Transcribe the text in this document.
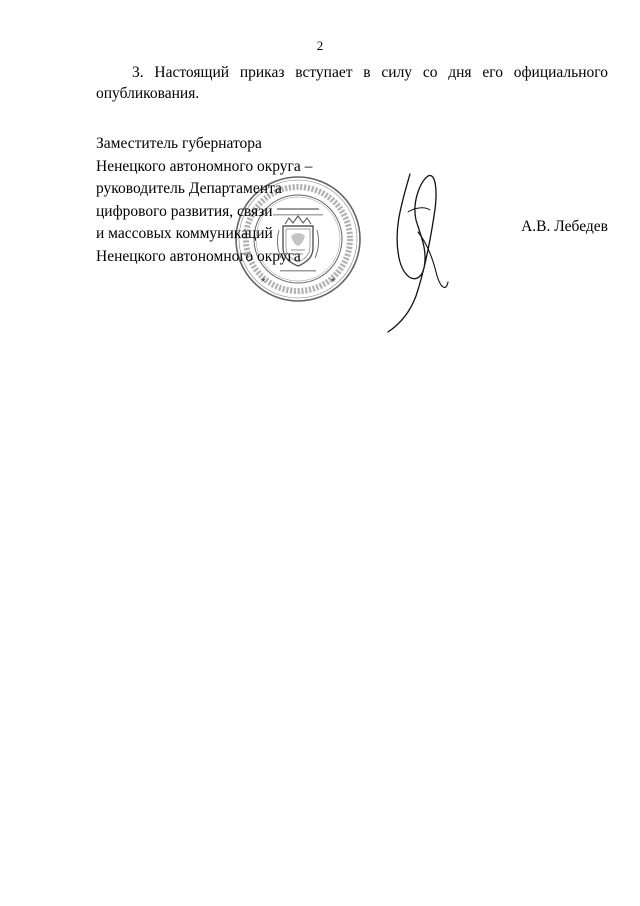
2

3. Настоящий приказ вступает в силу со дня его официального опубликования.

Заместитель губернатора
Ненецкого автономного округа –
руководитель Департамента
цифрового развития, связи
и массовых коммуникаций
Ненецкого автономного округа
А.В. Лебедев
★	★
